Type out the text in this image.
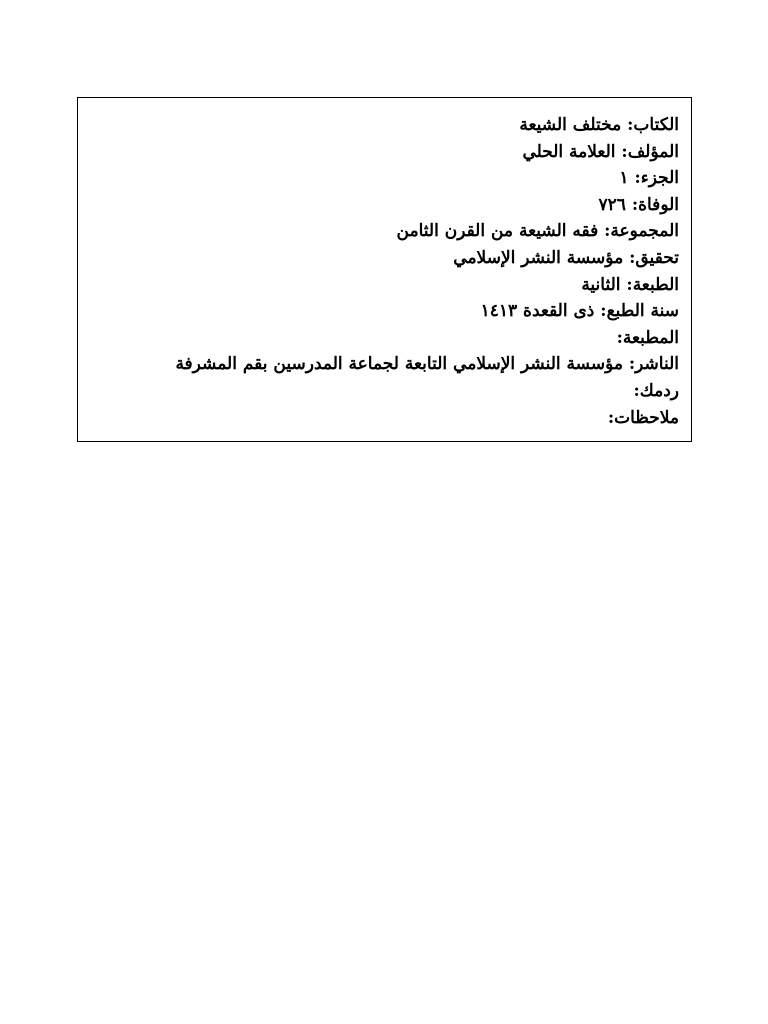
الكتاب: مختلف الشيعة
المؤلف: العلامة الحلي
الجزء: ١
الوفاة: ٧٢٦
المجموعة: فقه الشيعة من القرن الثامن
تحقيق: مؤسسة النشر الإسلامي
الطبعة: الثانية
سنة الطبع: ذى القعدة ١٤١٣
المطبعة:
الناشر: مؤسسة النشر الإسلامي التابعة لجماعة المدرسين بقم المشرفة
ردمك:
ملاحظات:
